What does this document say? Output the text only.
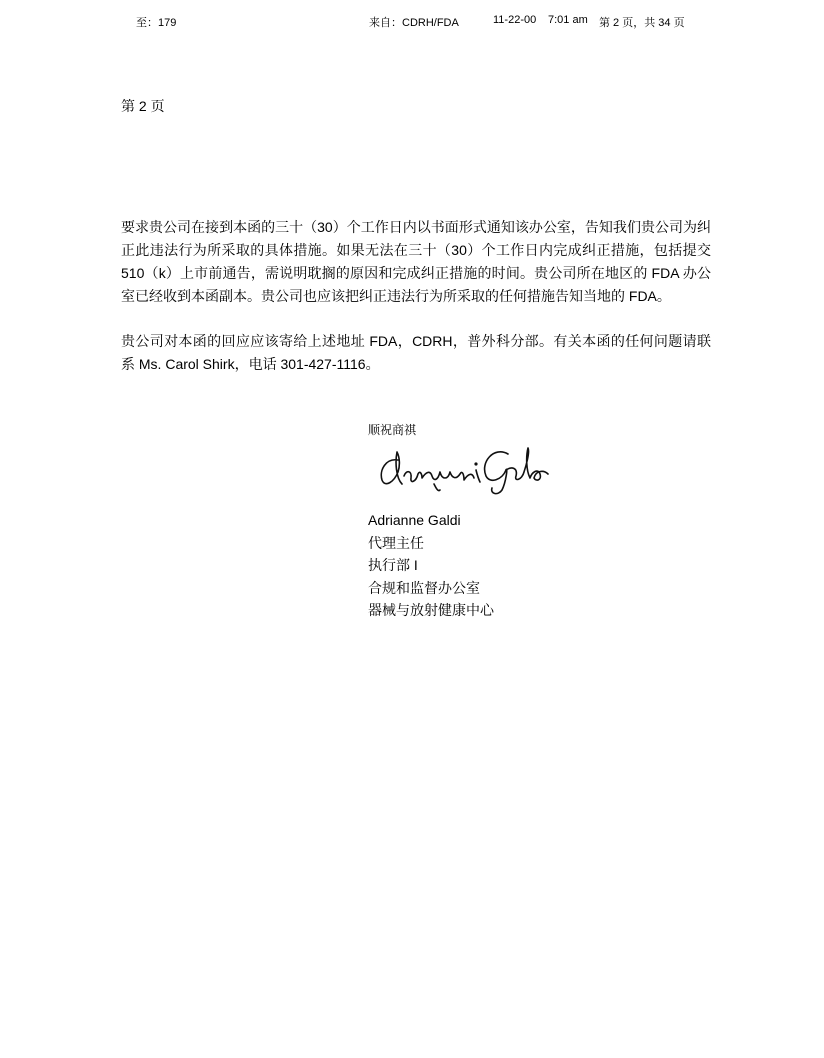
至：179	来自：CDRH/FDA	11-22-00 7:01 am 第 2 页，共 34 页
第 2 页

要求贵公司在接到本函的三十（30）个工作日内以书面形式通知该办公室，告知我们贵公司为纠正此违法行为所采取的具体措施。如果无法在三十（30）个工作日内完成纠正措施，包括提交 510（k）上市前通告，需说明耽搁的原因和完成纠正措施的时间。贵公司所在地区的 FDA 办公室已经收到本函副本。贵公司也应该把纠正违法行为所采取的任何措施告知当地的 FDA。

贵公司对本函的回应应该寄给上述地址 FDA，CDRH，普外科分部。有关本函的任何问题请联系 Ms. Carol Shirk，电话 301-427-1116。

顺祝商祺
Adrianne Galdi
代理主任
执行部 I
合规和监督办公室
器械与放射健康中心
